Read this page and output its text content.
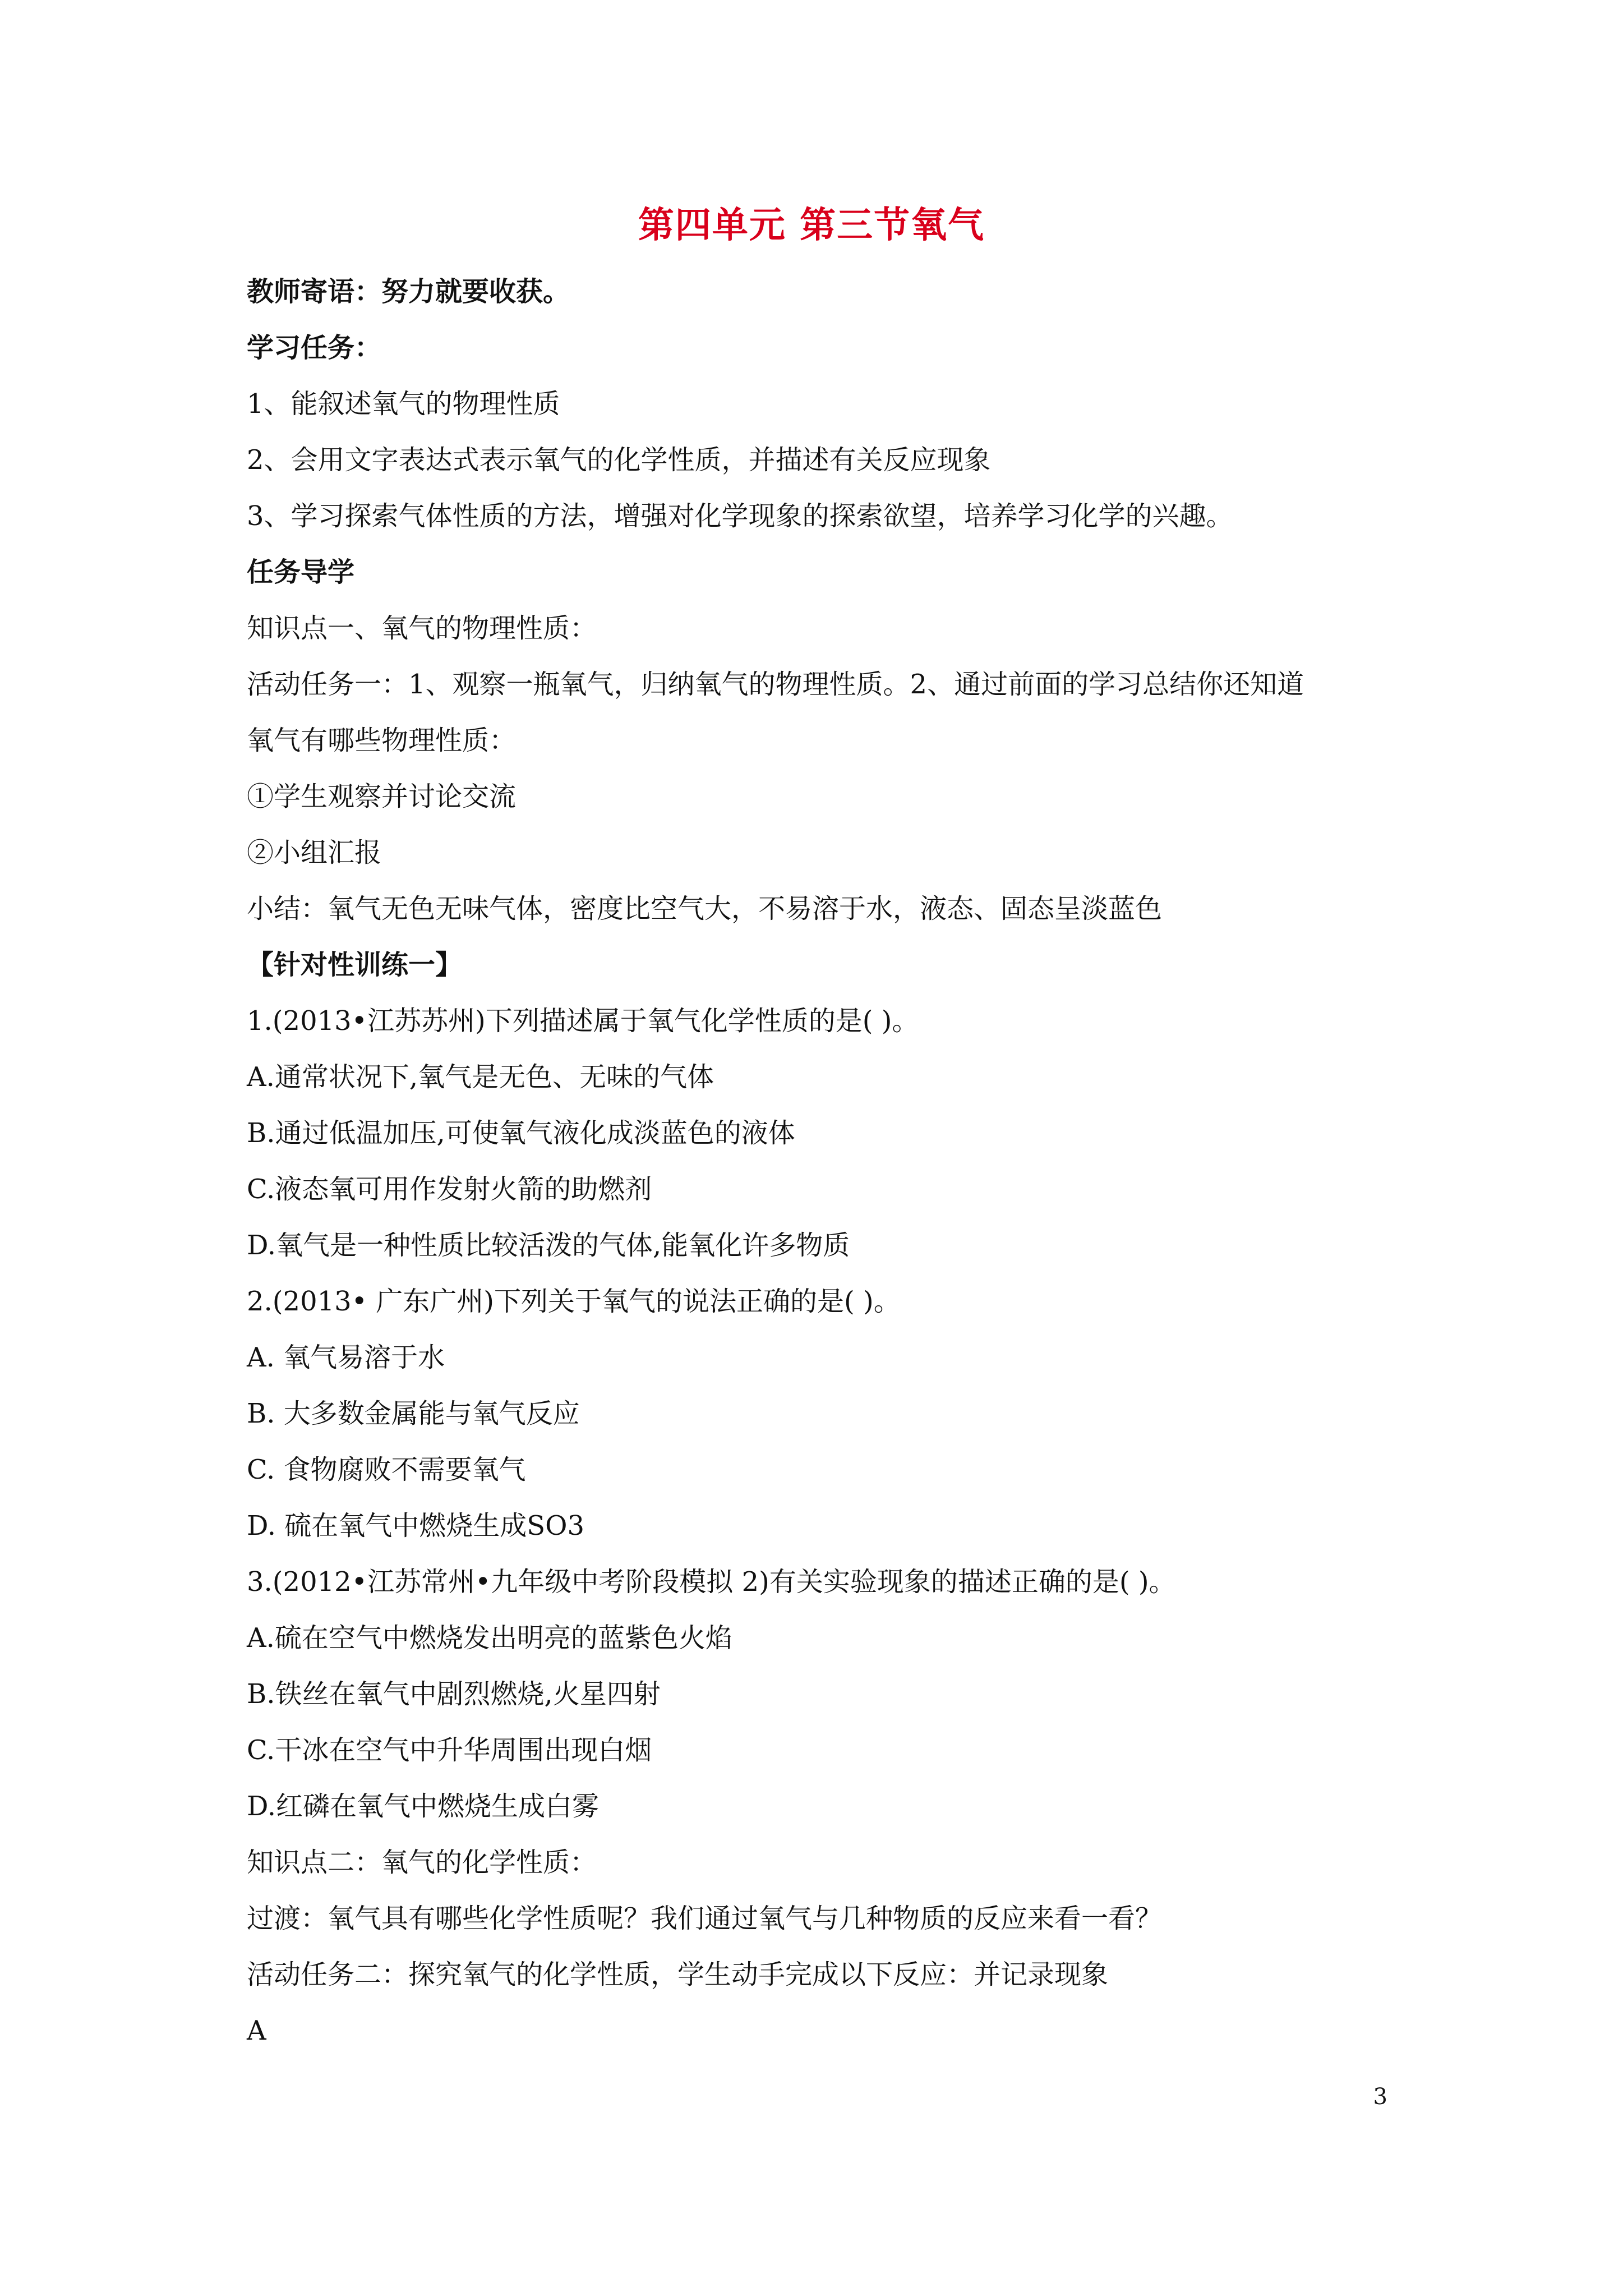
第四单元 第三节氧气
教师寄语：努力就要收获。
学习任务：
1、能叙述氧气的物理性质
2、会用文字表达式表示氧气的化学性质，并描述有关反应现象
3、学习探索气体性质的方法，增强对化学现象的探索欲望，培养学习化学的兴趣。
任务导学
知识点一、氧气的物理性质：
活动任务一：1、观察一瓶氧气，归纳氧气的物理性质。2、通过前面的学习总结你还知道
氧气有哪些物理性质：
①学生观察并讨论交流
②小组汇报
小结：氧气无色无味气体，密度比空气大，不易溶于水，液态、固态呈淡蓝色
【针对性训练一】
1.(2013•江苏苏州)下列描述属于氧气化学性质的是( )。
A.通常状况下,氧气是无色、无味的气体
B.通过低温加压,可使氧气液化成淡蓝色的液体
C.液态氧可用作发射火箭的助燃剂
D.氧气是一种性质比较活泼的气体,能氧化许多物质
2.(2013• 广东广州)下列关于氧气的说法正确的是( )。
A. 氧气易溶于水
B. 大多数金属能与氧气反应
C. 食物腐败不需要氧气
D. 硫在氧气中燃烧生成SO3
3.(2012•江苏常州•九年级中考阶段模拟 2)有关实验现象的描述正确的是( )。
A.硫在空气中燃烧发出明亮的蓝紫色火焰
B.铁丝在氧气中剧烈燃烧,火星四射
C.干冰在空气中升华周围出现白烟
D.红磷在氧气中燃烧生成白雾
知识点二：氧气的化学性质：
过渡：氧气具有哪些化学性质呢？我们通过氧气与几种物质的反应来看一看？
活动任务二：探究氧气的化学性质，学生动手完成以下反应：并记录现象
A
3
